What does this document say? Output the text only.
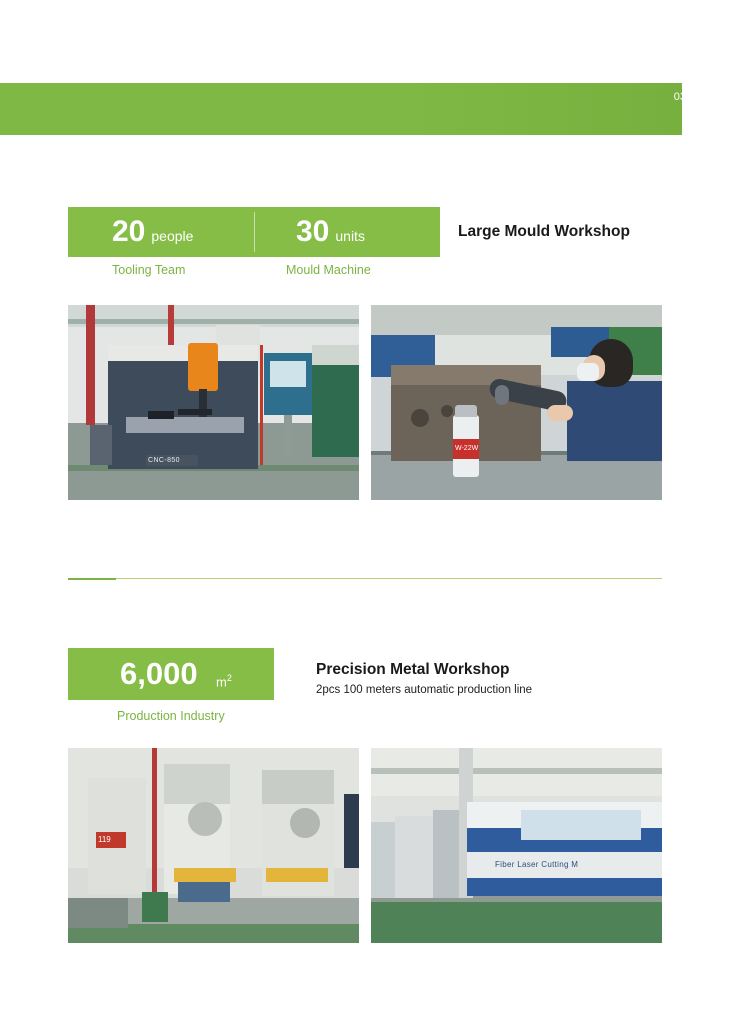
03
04
20 people	30 units
Tooling Team	Mould Machine
Large Mould Workshop
CNC-850
W-22W
6,000 $m^2$
Production Industry
Precision Metal Workshop
2pcs 100 meters automatic production line
119
Fiber Laser Cutting M
